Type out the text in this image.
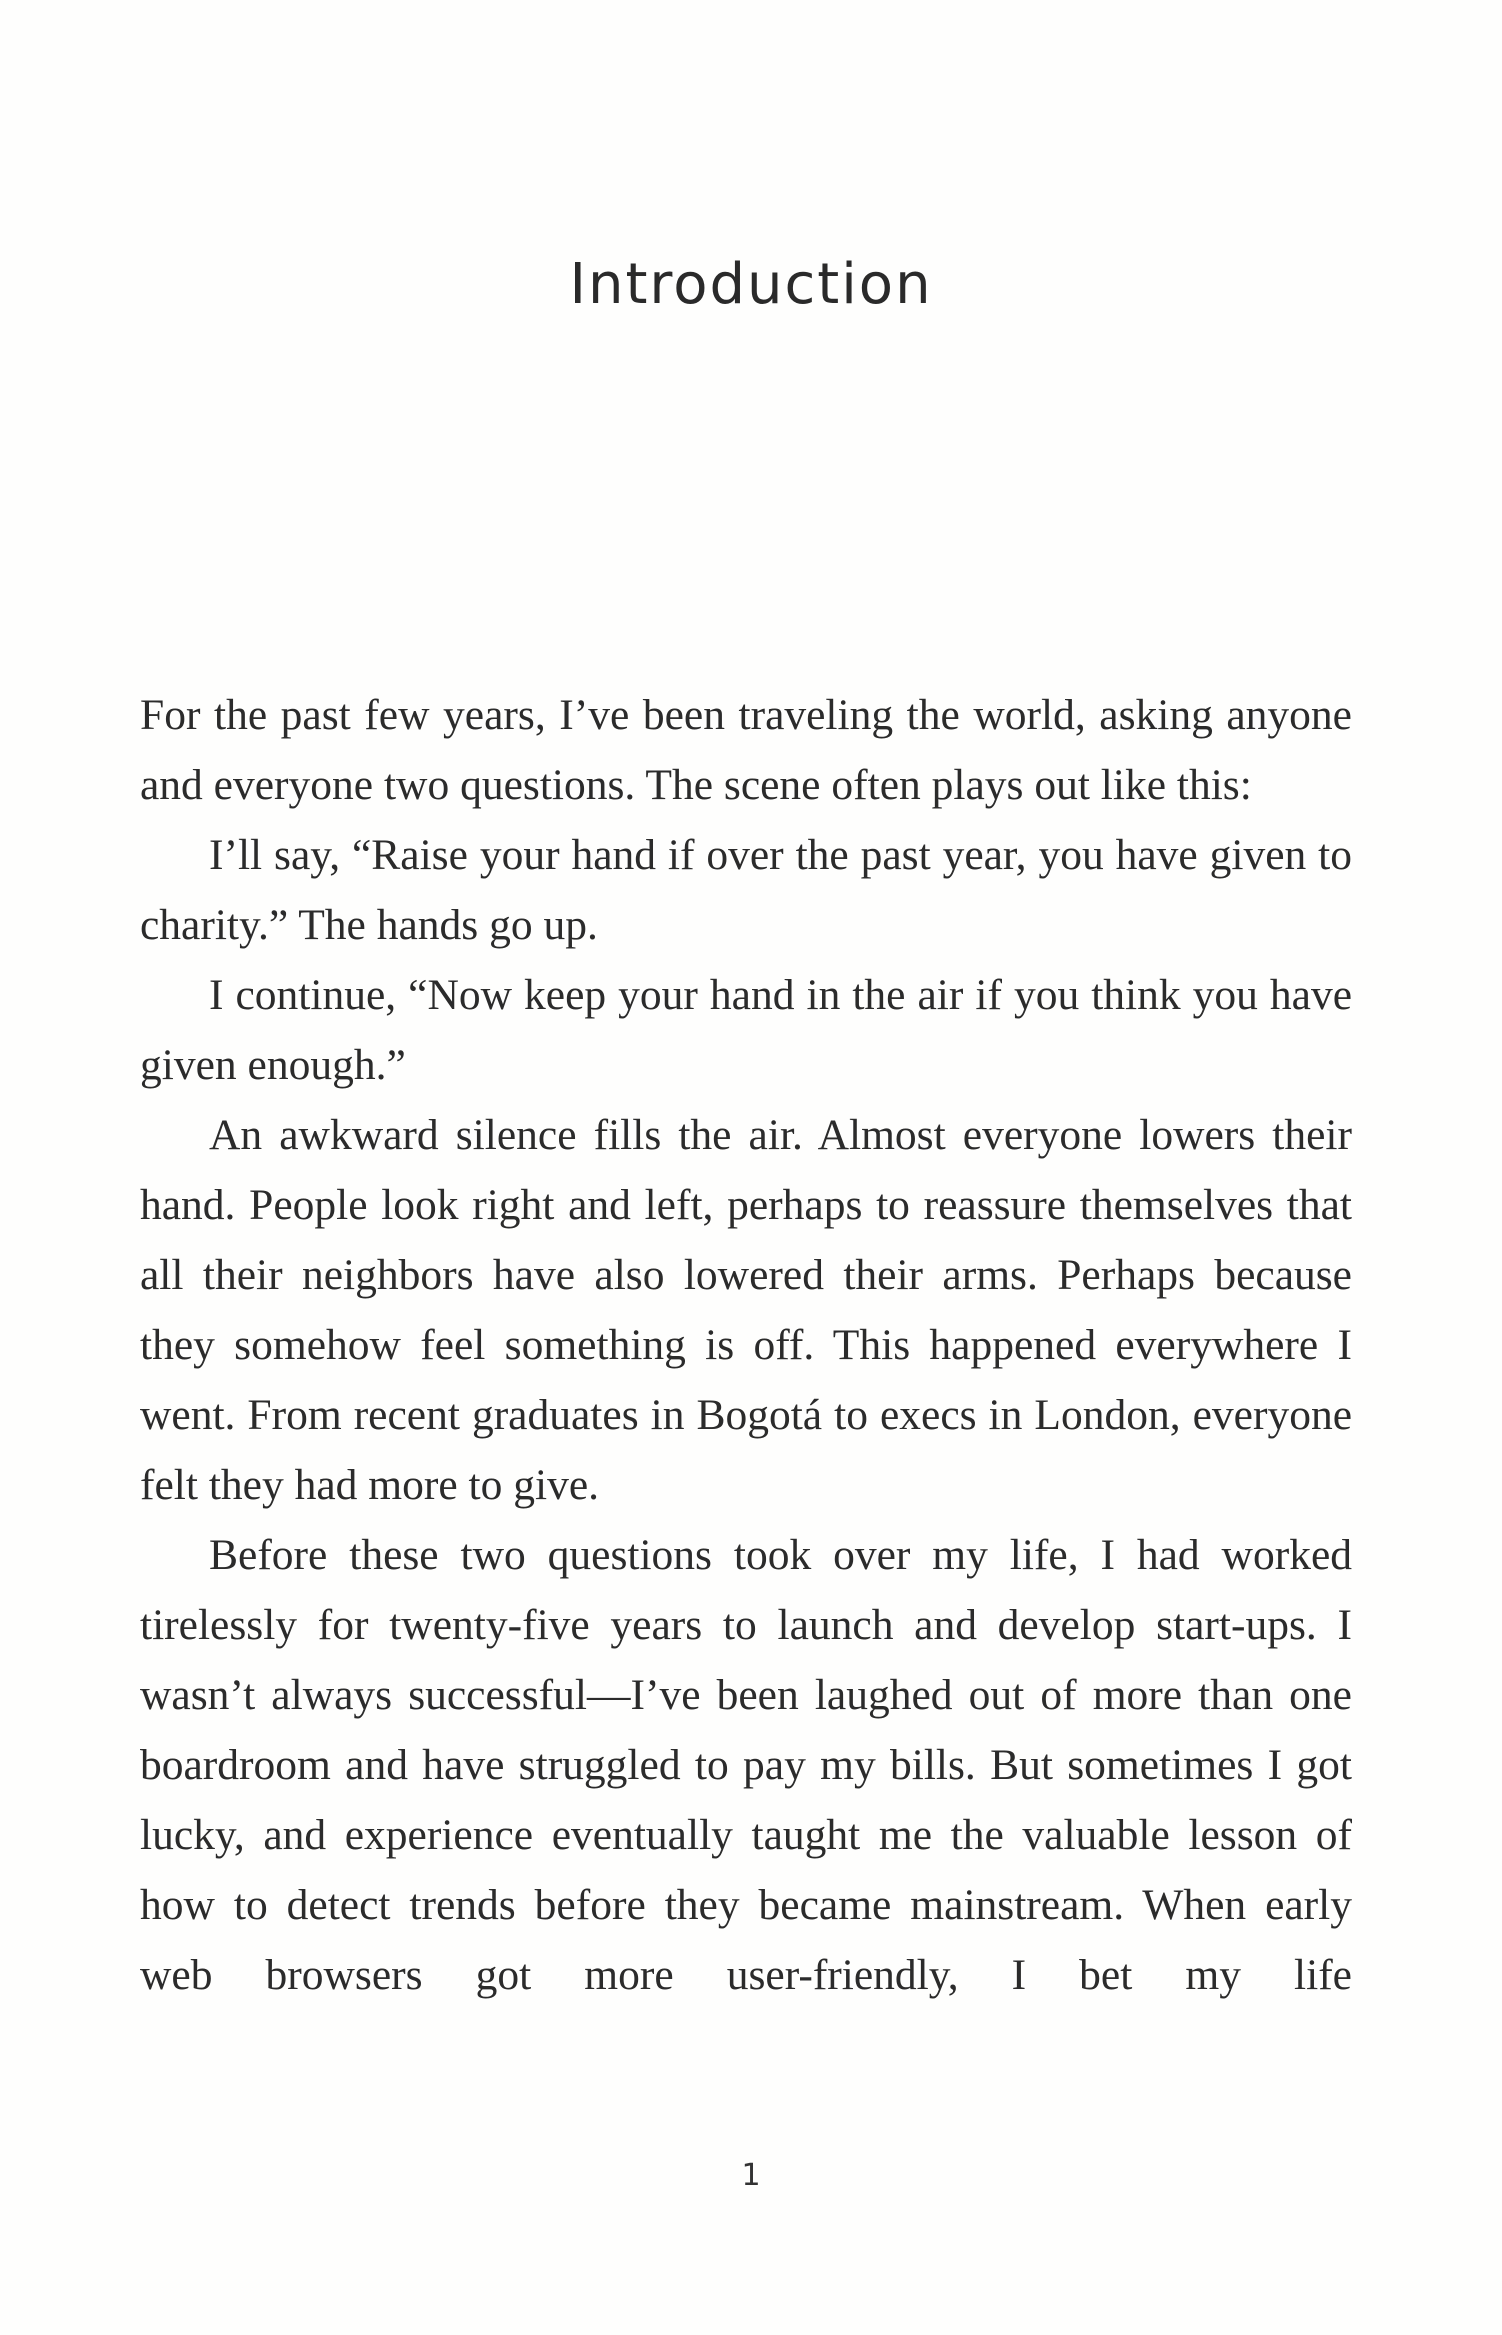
Introduction

For the past few years, I’ve been traveling the world, asking anyone and everyone two questions. The scene often plays out like this:

I’ll say, “Raise your hand if over the past year, you have given to charity.” The hands go up.

I continue, “Now keep your hand in the air if you think you have given enough.”

An awkward silence fills the air. Almost everyone lowers their hand. People look right and left, perhaps to reassure themselves that all their neighbors have also lowered their arms. Perhaps because they somehow feel something is off. This happened everywhere I went. From recent graduates in Bogotá to execs in London, everyone felt they had more to give.

Before these two questions took over my life, I had worked tirelessly for twenty-five years to launch and develop start-ups. I wasn’t always successful—I’ve been laughed out of more than one boardroom and have struggled to pay my bills. But sometimes I got lucky, and experience eventually taught me the valuable lesson of how to detect trends before they became mainstream. When early web browsers got more user-friendly, I bet my life

1
